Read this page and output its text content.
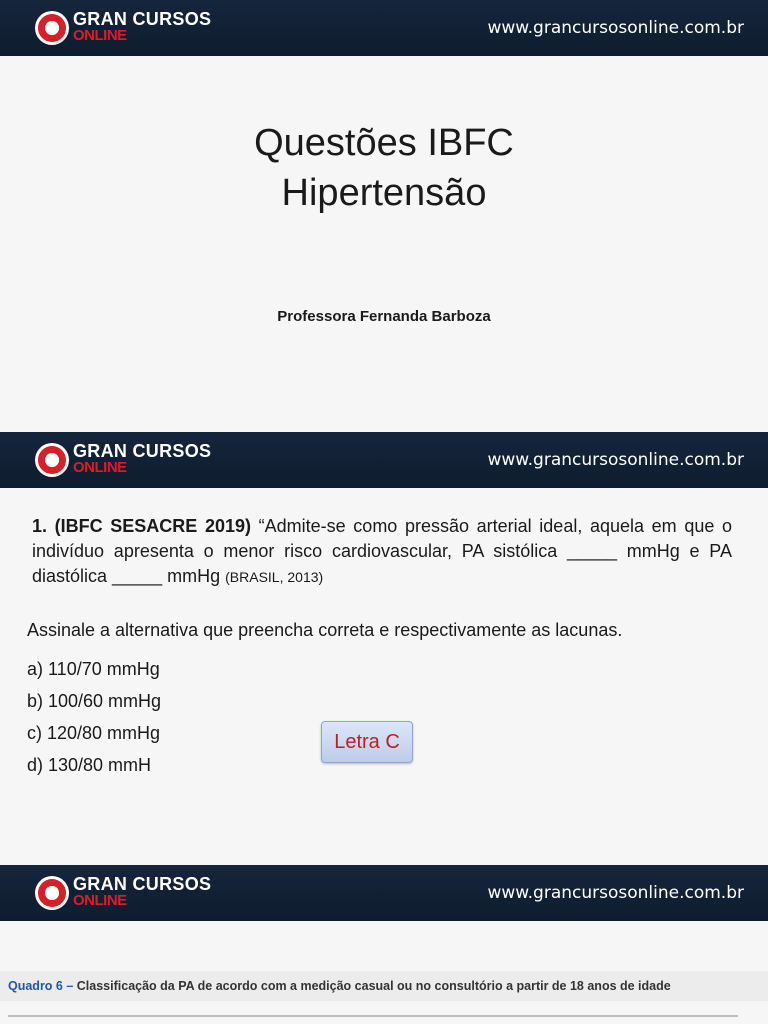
GRAN CURSOS
ONLINE	www.grancursosonline.com.br
Questões IBFC
Hipertensão
Professora Fernanda Barboza
GRAN CURSOS
ONLINE	www.grancursosonline.com.br
1. (IBFC SESACRE 2019) “Admite-se como pressão arterial ideal, aquela em que o indivíduo apresenta o menor risco cardiovascular, PA sistólica _____ mmHg e PA diastólica _____ mmHg (BRASIL, 2013)
Assinale a alternativa que preencha correta e respectivamente as lacunas.
a) 110/70 mmHg
b) 100/60 mmHg
c) 120/80 mmHg
d) 130/80 mmH
Letra C
GRAN CURSOS
ONLINE	www.grancursosonline.com.br
Quadro 6 – Classificação da PA de acordo com a medição casual ou no consultório a partir de 18 anos de idade
